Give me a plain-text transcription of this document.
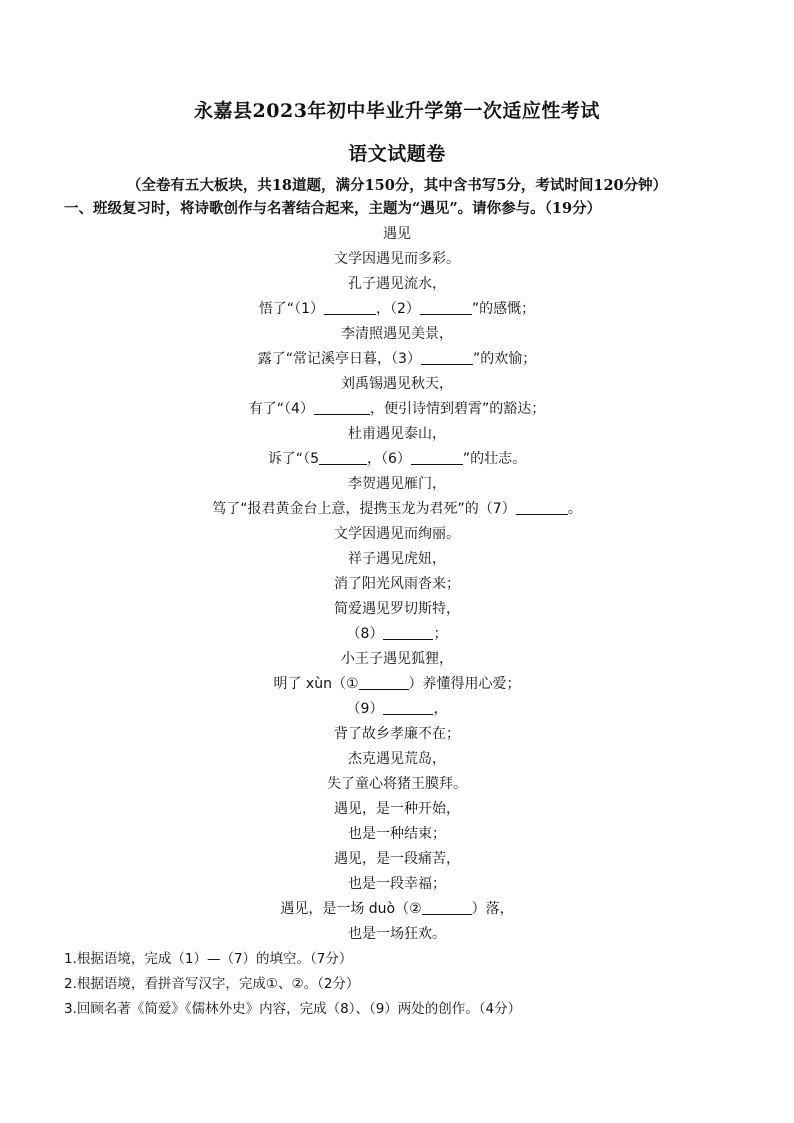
永嘉县2023年初中毕业升学第一次适应性考试
语文试题卷
（全卷有五大板块，共18道题，满分150分，其中含书写5分，考试时间120分钟）
一、班级复习时，将诗歌创作与名著结合起来，主题为“遇见”。请你参与。（19分）
遇见
文学因遇见而多彩。
孔子遇见流水，
悟了“（1）	，（2）	”的感慨；
李清照遇见美景，
露了“常记溪亭日暮，（3）	”的欢愉；
刘禹锡遇见秋天，
有了“（4）	，便引诗情到碧霄”的豁达；
杜甫遇见泰山，
诉了“（5	，（6）	”的壮志。
李贺遇见雁门，
笃了“报君黄金台上意，提携玉龙为君死”的（7）	。
文学因遇见而绚丽。
祥子遇见虎妞，
消了阳光风雨沓来；
简爱遇见罗切斯特，
（8）	；
小王子遇见狐狸，
明了 xùn（①	）养懂得用心爱；
（9）	，
背了故乡孝廉不在；
杰克遇见荒岛，
失了童心将猪王膜拜。
遇见，是一种开始，
也是一种结束；
遇见，是一段痛苦，
也是一段幸福；
遇见，是一场 duò（②	）落，
也是一场狂欢。
1.根据语境，完成（1）—（7）的填空。（7分）
2.根据语境，看拼音写汉字，完成①、②。（2分）
3.回顾名著《简爱》《儒林外史》内容，完成（8）、（9）两处的创作。（4分）
